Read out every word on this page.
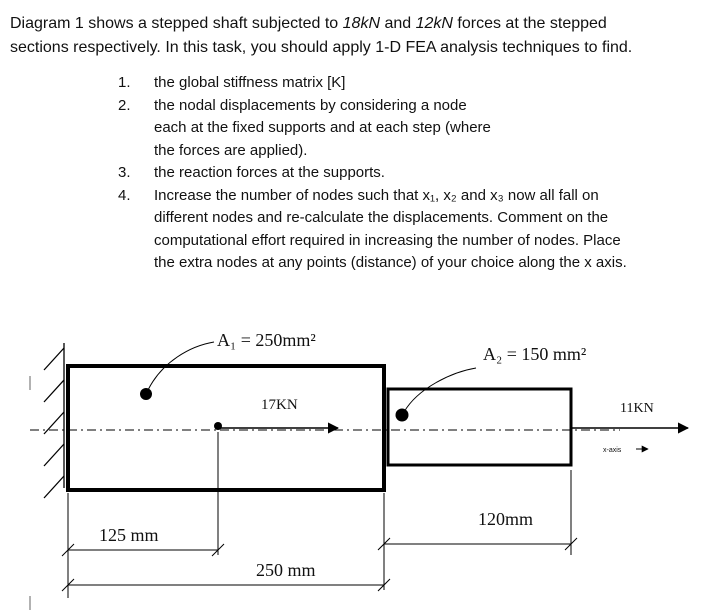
Diagram 1 shows a stepped shaft subjected to 18kN and 12kN forces at the stepped

sections respectively. In this task, you should apply 1-D FEA analysis techniques to find.

1.	the global stiffness matrix [K]
2.	the nodal displacements by considering a node
each at the fixed supports and at each step (where
the forces are applied).
3.	the reaction forces at the supports.
4.	Increase the number of nodes such that x₁, x₂ and x₃ now all fall on
different nodes and re-calculate the displacements. Comment on the
computational effort required in increasing the number of nodes. Place
the extra nodes at any points (distance) of your choice along the x axis.
x-axis
17KN	11KN
A₁ = 250mm²
A₂ = 150 mm²
125 mm
250 mm
120mm
